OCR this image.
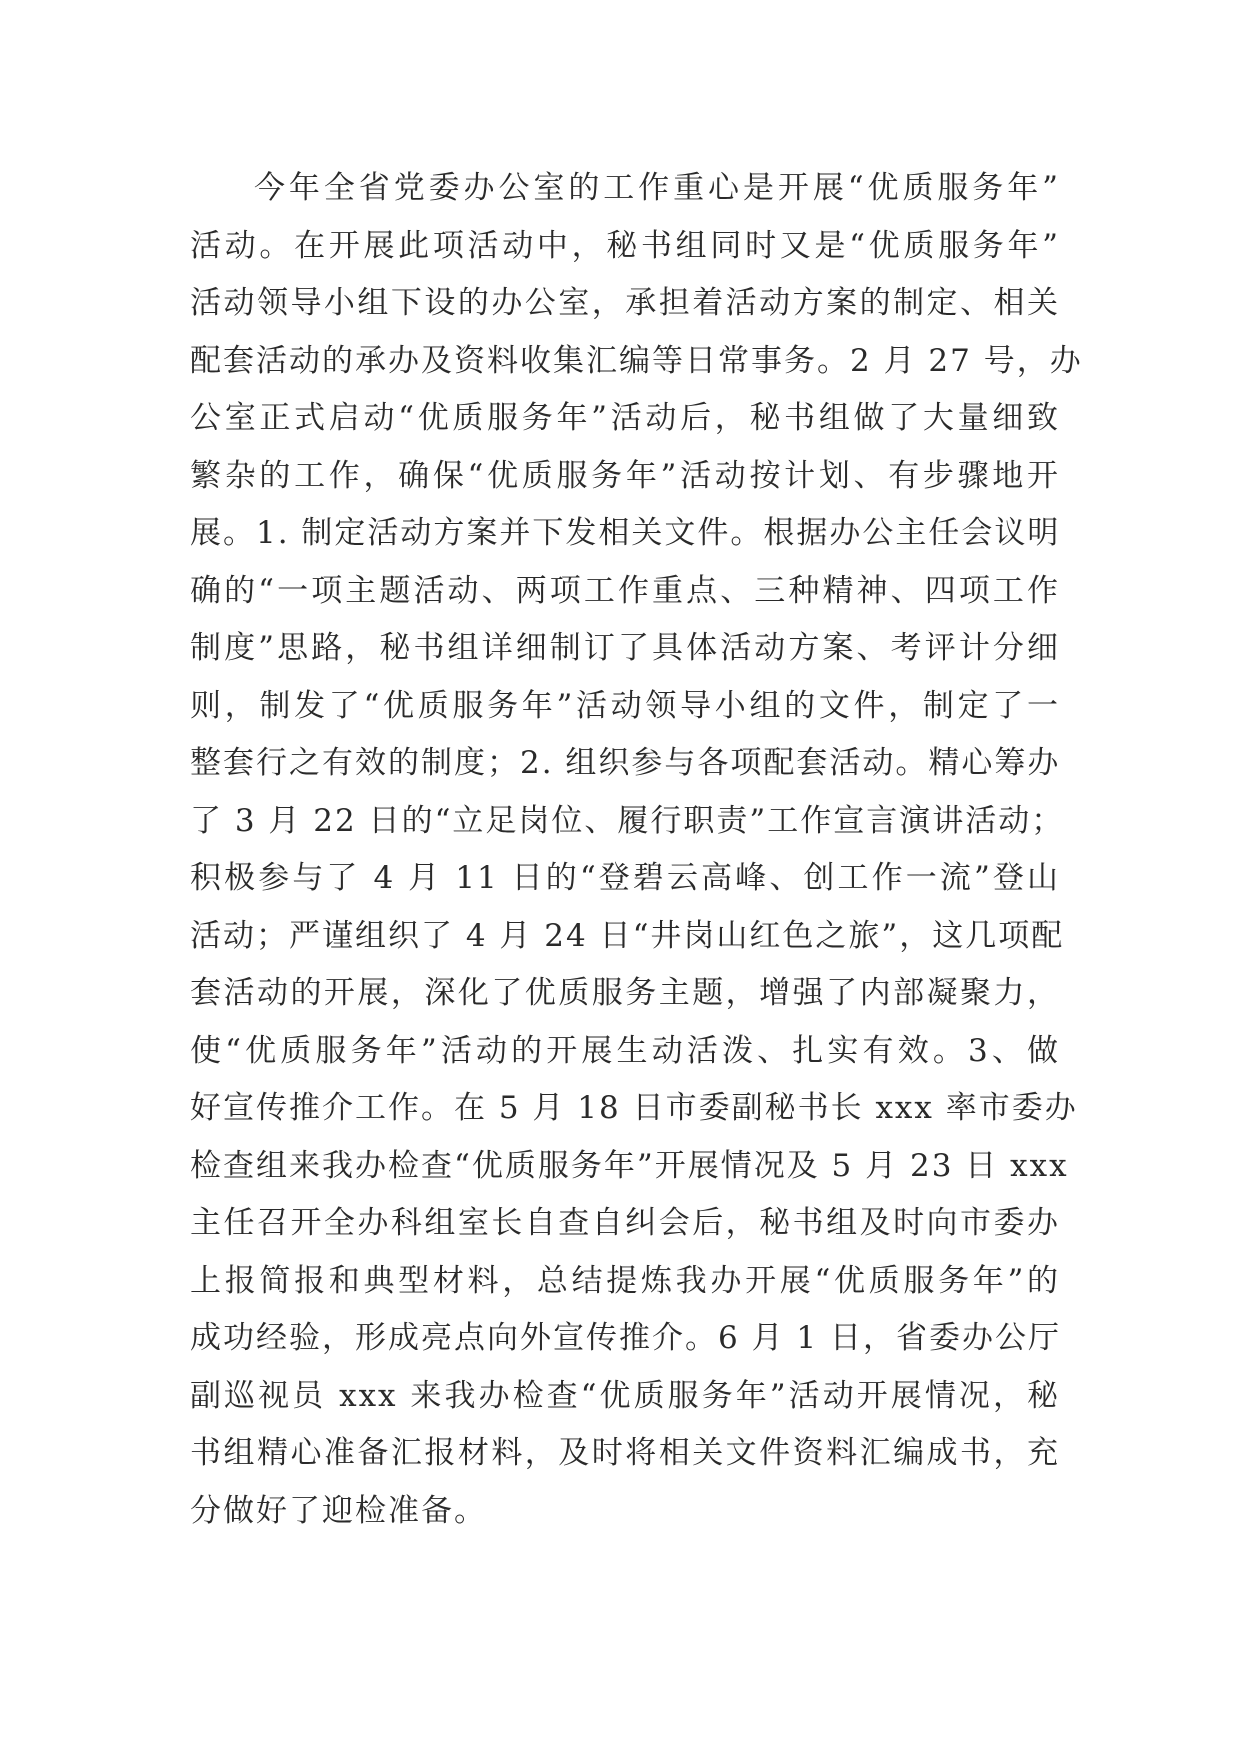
今年全省党委办公室的工作重心是开展“优质服务年”
活动。在开展此项活动中，秘书组同时又是“优质服务年”
活动领导小组下设的办公室，承担着活动方案的制定、相关
配套活动的承办及资料收集汇编等日常事务。2 月 27 号，办
公室正式启动“优质服务年”活动后，秘书组做了大量细致
繁杂的工作，确保“优质服务年”活动按计划、有步骤地开
展。1. 制定活动方案并下发相关文件。根据办公主任会议明
确的“一项主题活动、两项工作重点、三种精神、四项工作
制度”思路，秘书组详细制订了具体活动方案、考评计分细
则，制发了“优质服务年”活动领导小组的文件，制定了一
整套行之有效的制度；2. 组织参与各项配套活动。精心筹办
了 3 月 22 日的“立足岗位、履行职责”工作宣言演讲活动；
积极参与了 4 月 11 日的“登碧云高峰、创工作一流”登山
活动；严谨组织了 4 月 24 日“井岗山红色之旅”，这几项配
套活动的开展，深化了优质服务主题，增强了内部凝聚力，
使“优质服务年”活动的开展生动活泼、扎实有效。3、做
好宣传推介工作。在 5 月 18 日市委副秘书长 xxx 率市委办
检查组来我办检查“优质服务年”开展情况及 5 月 23 日 xxx
主任召开全办科组室长自查自纠会后，秘书组及时向市委办
上报简报和典型材料，总结提炼我办开展“优质服务年”的
成功经验，形成亮点向外宣传推介。6 月 1 日，省委办公厅
副巡视员 xxx 来我办检查“优质服务年”活动开展情况，秘
书组精心准备汇报材料，及时将相关文件资料汇编成书，充
分做好了迎检准备。
